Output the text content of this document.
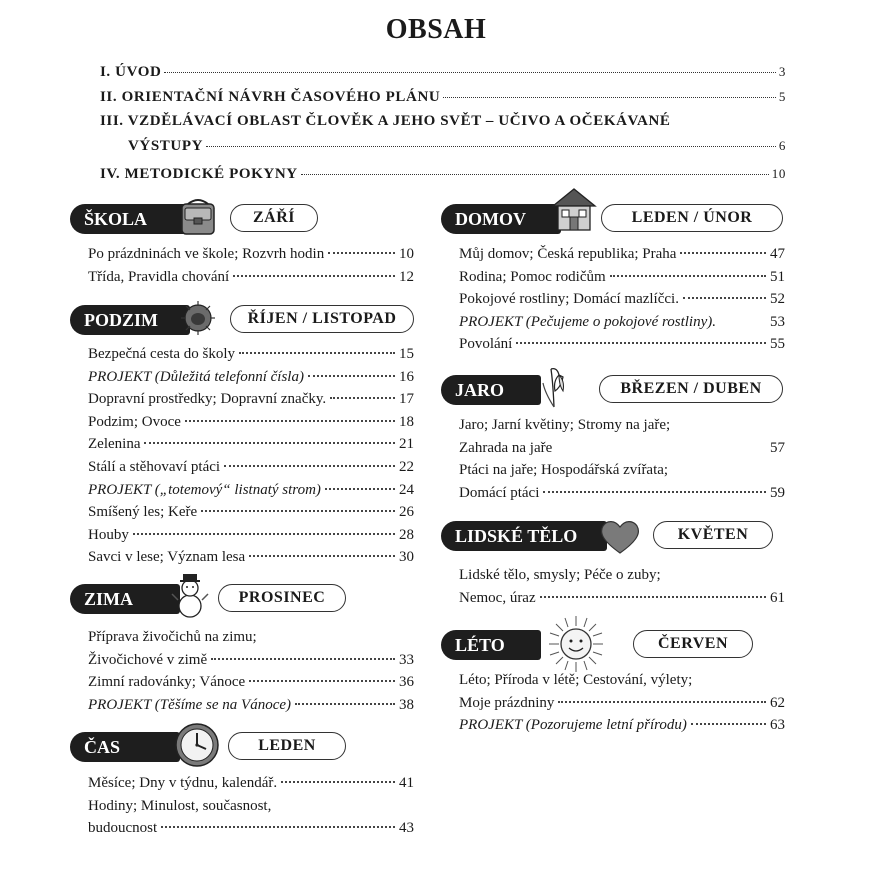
OBSAH
I. ÚVOD	3
II. ORIENTAČNÍ NÁVRH ČASOVÉHO PLÁNU	5
III. VZDĚLÁVACÍ OBLAST ČLOVĚK A JEHO SVĚT – UČIVO A OČEKÁVANÉ
VÝSTUPY	6
IV. METODICKÉ POKYNY	10
ŠKOLA	ZÁŘÍ
Po prázdninách ve škole; Rozvrh hodin	10
Třída, Pravidla chování	12
PODZIM	ŘÍJEN / LISTOPAD
Bezpečná cesta do školy	15
PROJEKT (Důležitá telefonní čísla)	16
Dopravní prostředky; Dopravní značky.	17
Podzim; Ovoce	18
Zelenina	21
Stálí a stěhovaví ptáci	22
PROJEKT („totemový“ listnatý strom)	24
Smíšený les; Keře	26
Houby	28
Savci v lese; Význam lesa	30
ZIMA	PROSINEC
Příprava živočichů na zimu;
Živočichové v zimě	33
Zimní radovánky; Vánoce	36
PROJEKT (Těšíme se na Vánoce)	38
ČAS	LEDEN
Měsíce; Dny v týdnu, kalendář.	41
Hodiny; Minulost, současnost,
budoucnost	43
DOMOV	LEDEN / ÚNOR
Můj domov; Česká republika; Praha	47
Rodina; Pomoc rodičům	51
Pokojové rostliny; Domácí mazlíčci.	52
PROJEKT (Pečujeme o pokojové rostliny).	53
Povolání	55
JARO	BŘEZEN / DUBEN
Jaro; Jarní květiny; Stromy na jaře;
Zahrada na jaře	57
Ptáci na jaře; Hospodářská zvířata;
Domácí ptáci	59
LIDSKÉ TĚLO	KVĚTEN
Lidské tělo, smysly; Péče o zuby;
Nemoc, úraz	61
LÉTO	ČERVEN
Léto; Příroda v létě; Cestování, výlety;
Moje prázdniny	62
PROJEKT (Pozorujeme letní přírodu)	63
